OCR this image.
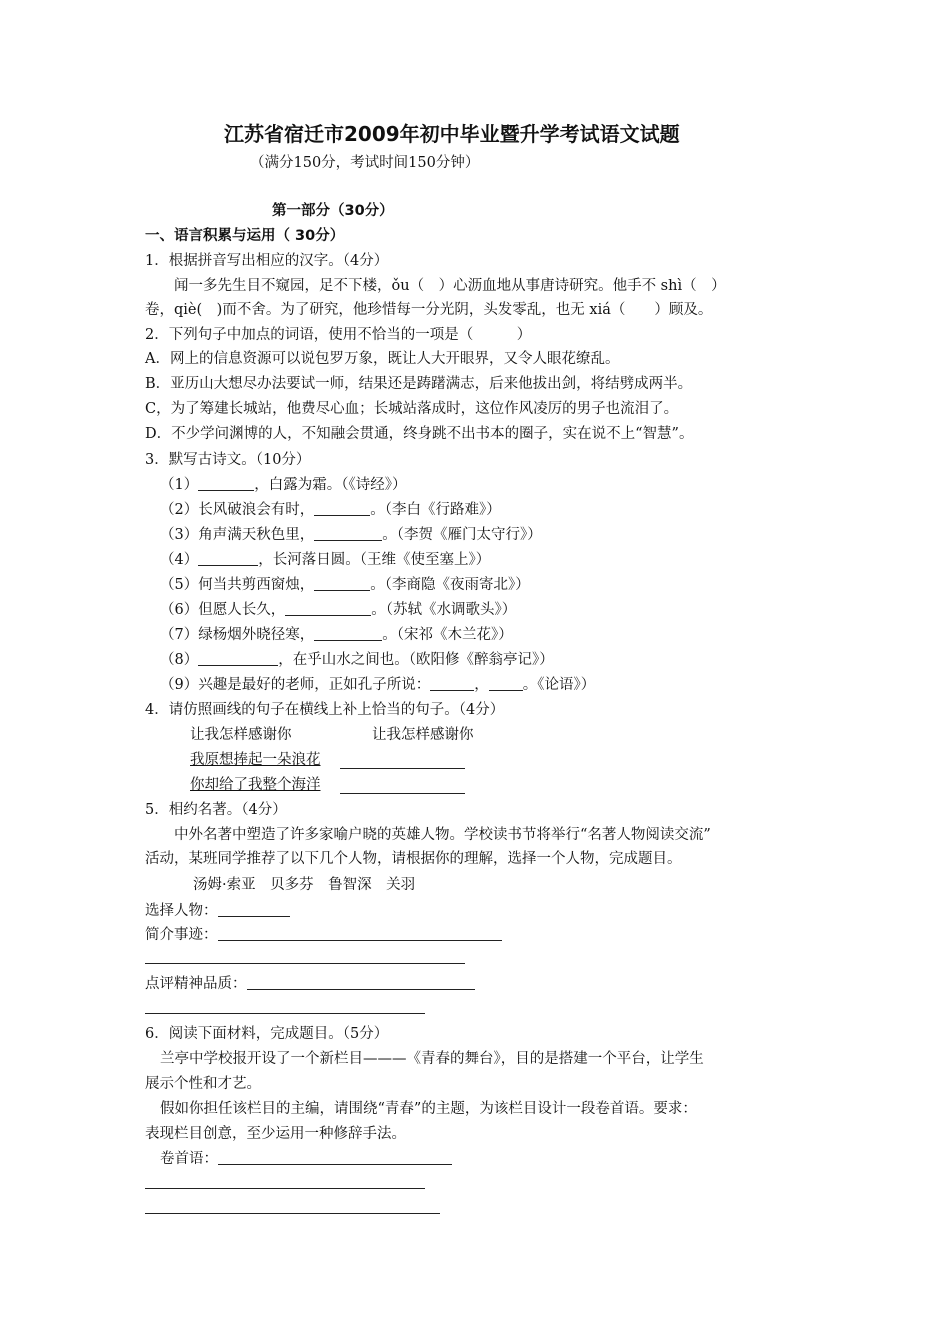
江苏省宿迁市2009年初中毕业暨升学考试语文试题
（满分150分，考试时间150分钟）
第一部分（30分）
一、语言积累与运用（ 30分）
1．根据拼音写出相应的汉字。（4分）
闻一多先生目不窥园，足不下楼，ǒu（　）心沥血地从事唐诗研究。他手不 shì（　）
卷，qiè(　)而不舍。为了研究，他珍惜每一分光阴，头发零乱，也无 xiá（　　）顾及。
2．下列句子中加点的词语，使用不恰当的一项是（　　　）
A．网上的信息资源可以说包罗万象，既让人大开眼界，又令人眼花缭乱。
B．亚历山大想尽办法要试一师，结果还是踌躇满志，后来他拔出剑，将结劈成两半。
C，为了筹建长城站，他费尽心血；长城站落成时，这位作风凌厉的男子也流泪了。
D．不少学问渊博的人，不知融会贯通，终身跳不出书本的圈子，实在说不上“智慧”。
3．默写古诗文。（10分）
（1）	，白露为霜。（《诗经》）
（2）长风破浪会有时，	。（李白《行路难》）
（3）角声满天秋色里，	。（李贺《雁门太守行》）
（4）	，长河落日圆。（王维《使至塞上》）
（5）何当共剪西窗烛，	。（李商隐《夜雨寄北》）
（6）但愿人长久，	。（苏轼《水调歌头》）
（7）绿杨烟外晓径寒，	。（宋祁《木兰花》）
（8）	，在乎山水之间也。（欧阳修《醉翁亭记》）
（9）兴趣是最好的老师，正如孔子所说：	， 。《论语》）
4．请仿照画线的句子在横线上补上恰当的句子。（4分）
让我怎样感谢你	让我怎样感谢你
我原想捧起一朵浪花
你却给了我整个海洋
5．相约名著。（4分）
中外名著中塑造了许多家喻户晓的英雄人物。学校读书节将举行“名著人物阅读交流”
活动，某班同学推荐了以下几个人物，请根据你的理解，选择一个人物，完成题目。
汤姆·索亚　贝多芬　鲁智深　关羽
选择人物：
简介事迹：
点评精神品质：
6．阅读下面材料，完成题目。（5分）
兰亭中学校报开设了一个新栏目———《青春的舞台》，目的是搭建一个平台，让学生
展示个性和才艺。
假如你担任该栏目的主编，请围绕“青春”的主题，为该栏目设计一段卷首语。要求：
表现栏目创意，至少运用一种修辞手法。
卷首语：
